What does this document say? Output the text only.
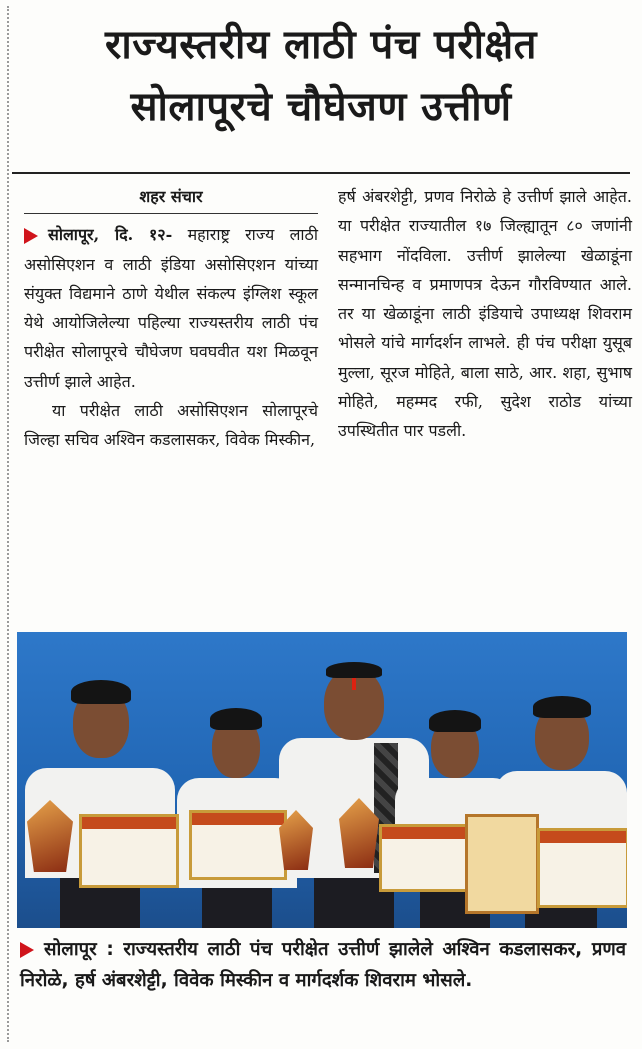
राज्यस्तरीय लाठी पंच परीक्षेत
सोलापूरचे चौघेजण उत्तीर्ण
शहर संचार

सोलापूर, दि. १२- महाराष्ट्र राज्य लाठी असोसिएशन व लाठी इंडिया असोसिएशन यांच्या संयुक्त विद्यमाने ठाणे येथील संकल्प इंग्लिश स्कूल येथे आयोजिलेल्या पहिल्या राज्यस्तरीय लाठी पंच परीक्षेत सोलापूरचे चौघेजण घवघवीत यश मिळवून उत्तीर्ण झाले आहेत.

या परीक्षेत लाठी असोसिएशन सोलापूरचे जिल्हा सचिव अश्विन कडलासकर, विवेक मिस्कीन,

हर्ष अंबरशेट्टी, प्रणव निरोळे हे उत्तीर्ण झाले आहेत. या परीक्षेत राज्यातील १७ जिल्ह्यातून ८० जणांनी सहभाग नोंदविला. उत्तीर्ण झालेल्या खेळाडूंना सन्मानचिन्ह व प्रमाणपत्र देऊन गौरविण्यात आले. तर या खेळाडूंना लाठी इंडियाचे उपाध्यक्ष शिवराम भोसले यांचे मार्गदर्शन लाभले. ही पंच परीक्षा युसूब मुल्ला, सूरज मोहिते, बाला साठे, आर. शहा, सुभाष मोहिते, महम्मद रफी, सुदेश राठोड यांच्या उपस्थितीत पार पडली.

सोलापूर : राज्यस्तरीय लाठी पंच परीक्षेत उत्तीर्ण झालेले अश्विन कडलासकर, प्रणव निरोळे, हर्ष अंबरशेट्टी, विवेक मिस्कीन व मार्गदर्शक शिवराम भोसले.
